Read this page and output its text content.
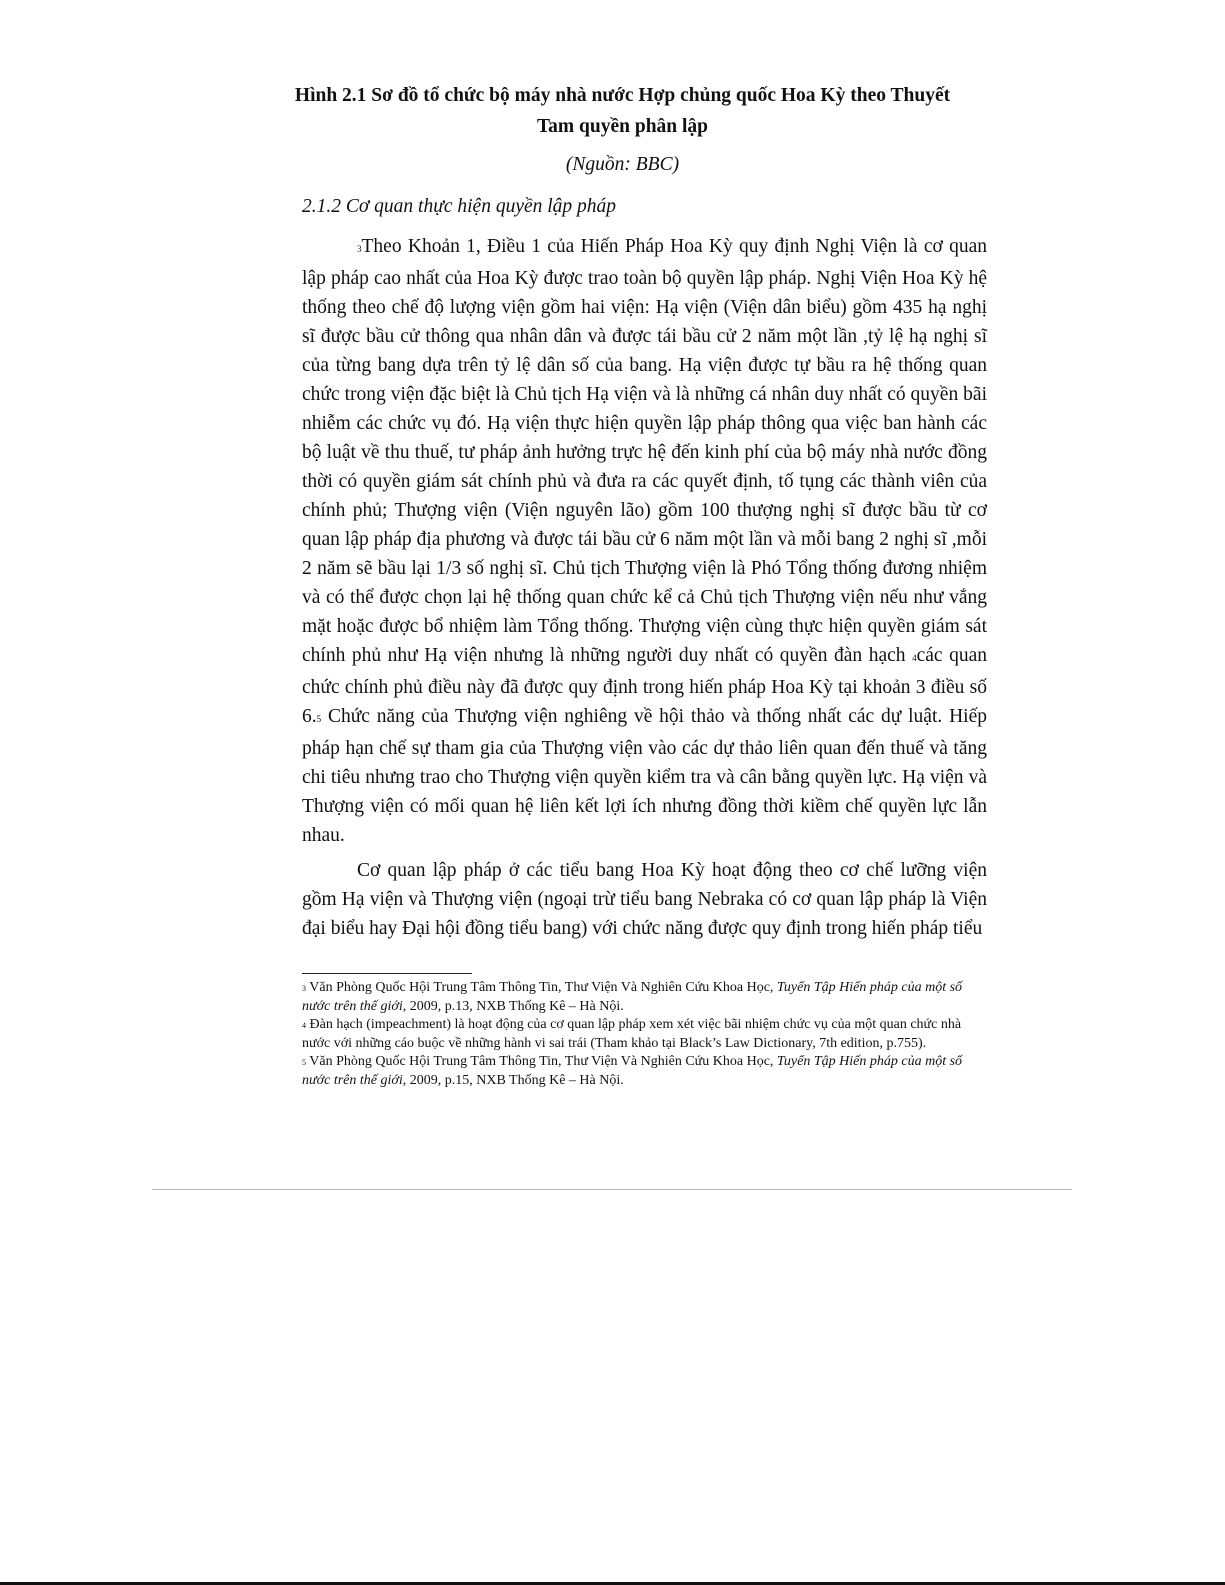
Hình 2.1 Sơ đồ tổ chức bộ máy nhà nước Hợp chủng quốc Hoa Kỳ theo Thuyết
Tam quyền phân lập
(Nguồn: BBC)
2.1.2 Cơ quan thực hiện quyền lập pháp

3Theo Khoản 1, Điều 1 của Hiến Pháp Hoa Kỳ quy định Nghị Viện là cơ quan lập pháp cao nhất của Hoa Kỳ được trao toàn bộ quyền lập pháp. Nghị Viện Hoa Kỳ hệ thống theo chế độ lượng viện gồm hai viện: Hạ viện (Viện dân biểu) gồm 435 hạ nghị sĩ được bầu cử thông qua nhân dân và được tái bầu cử 2 năm một lần ,tỷ lệ hạ nghị sĩ của từng bang dựa trên tỷ lệ dân số của bang. Hạ viện được tự bầu ra hệ thống quan chức trong viện đặc biệt là Chủ tịch Hạ viện và là những cá nhân duy nhất có quyền bãi nhiễm các chức vụ đó. Hạ viện thực hiện quyền lập pháp thông qua việc ban hành các bộ luật về thu thuế, tư pháp ảnh hưởng trực hệ đến kinh phí của bộ máy nhà nước đồng thời có quyền giám sát chính phủ và đưa ra các quyết định, tố tụng các thành viên của chính phủ; Thượng viện (Viện nguyên lão) gồm 100 thượng nghị sĩ được bầu từ cơ quan lập pháp địa phương và được tái bầu cử 6 năm một lần và mỗi bang 2 nghị sĩ ,mỗi 2 năm sẽ bầu lại 1/3 số nghị sĩ. Chủ tịch Thượng viện là Phó Tổng thống đương nhiệm và có thể được chọn lại hệ thống quan chức kể cả Chủ tịch Thượng viện nếu như vắng mặt hoặc được bổ nhiệm làm Tổng thống. Thượng viện cùng thực hiện quyền giám sát chính phủ như Hạ viện nhưng là những người duy nhất có quyền đàn hạch 4các quan chức chính phủ điều này đã được quy định trong hiến pháp Hoa Kỳ tại khoản 3 điều số 6.5 Chức năng của Thượng viện nghiêng về hội thảo và thống nhất các dự luật. Hiếp pháp hạn chế sự tham gia của Thượng viện vào các dự thảo liên quan đến thuế và tăng chi tiêu nhưng trao cho Thượng viện quyền kiểm tra và cân bằng quyền lực. Hạ viện và Thượng viện có mối quan hệ liên kết lợi ích nhưng đồng thời kiềm chế quyền lực lẫn nhau.

Cơ quan lập pháp ở các tiểu bang Hoa Kỳ hoạt động theo cơ chế lưỡng viện gồm Hạ viện và Thượng viện (ngoại trừ tiểu bang Nebraka có cơ quan lập pháp là Viện đại biểu hay Đại hội đồng tiểu bang) với chức năng được quy định trong hiến pháp tiểu

3 Văn Phòng Quốc Hội Trung Tâm Thông Tin, Thư Viện Và Nghiên Cứu Khoa Học, Tuyển Tập Hiến pháp của một số nước trên thế giới, 2009, p.13, NXB Thống Kê – Hà Nội.

4 Đàn hạch (impeachment) là hoạt động của cơ quan lập pháp xem xét việc bãi nhiệm chức vụ của một quan chức nhà nước với những cáo buộc về những hành vi sai trái (Tham khảo tại Black’s Law Dictionary, 7th edition, p.755).

5 Văn Phòng Quốc Hội Trung Tâm Thông Tin, Thư Viện Và Nghiên Cứu Khoa Học, Tuyển Tập Hiến pháp của một số nước trên thế giới, 2009, p.15, NXB Thống Kê – Hà Nội.
